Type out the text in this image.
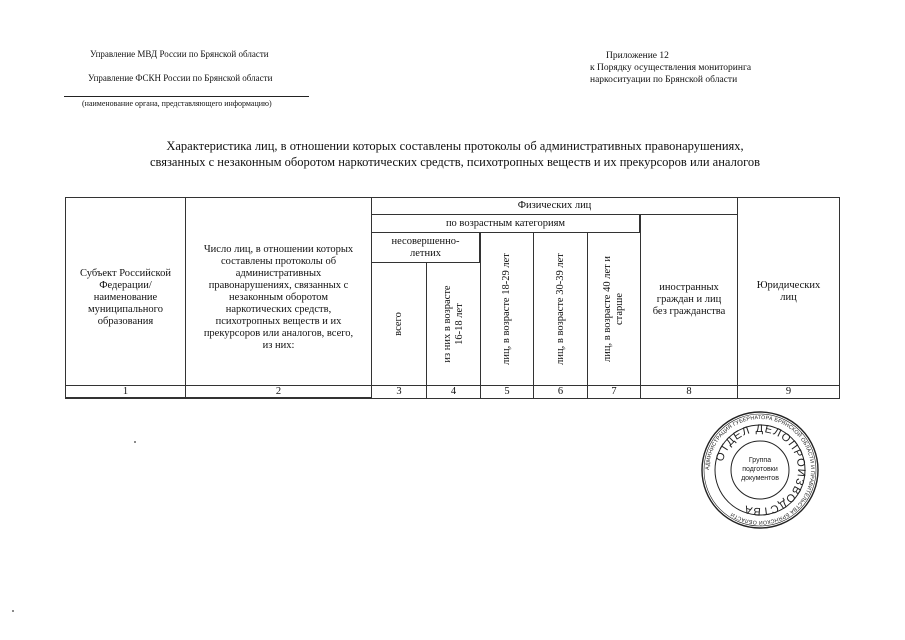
Управление МВД России по Брянской области
Управление ФСКН России по Брянской области
(наименование органа, представляющего информацию)
Приложение 12
к Порядку осуществления мониторинга
наркоситуации по Брянской области
Характеристика лиц, в отношении которых составлены протоколы об административных правонарушениях,
связанных с незаконным оборотом наркотических средств, психотропных веществ и их прекурсоров или аналогов
Субъект Российской Федерации/ наименование муниципального образования
Число лиц, в отношении которых составлены протоколы об административных правонарушениях, связанных с незаконным оборотом наркотических средств, психотропных веществ и их прекурсоров или аналогов, всего, из них:
Физических лиц
по возрастным категориям
несовершенно-летних
всего	из них в возрасте 16-18 лет	лиц, в возрасте 18-29 лет	лиц, в возрасте 30-39 лет	лиц, в возрасте 40 лет и старше
иностранных граждан и лиц без гражданства
Юридических лиц
1	2	3	4	5	6	7	8	9
АДМИНИСТРАЦИЯ ГУБЕРНАТОРА БРЯНСКОЙ ОБЛАСТИ И ПРАВИТЕЛЬСТВА БРЯНСКОЙ ОБЛАСТИ
ОТДЕЛ ДЕЛОПРОИЗВОДСТВА
Группа
подготовки
документов
